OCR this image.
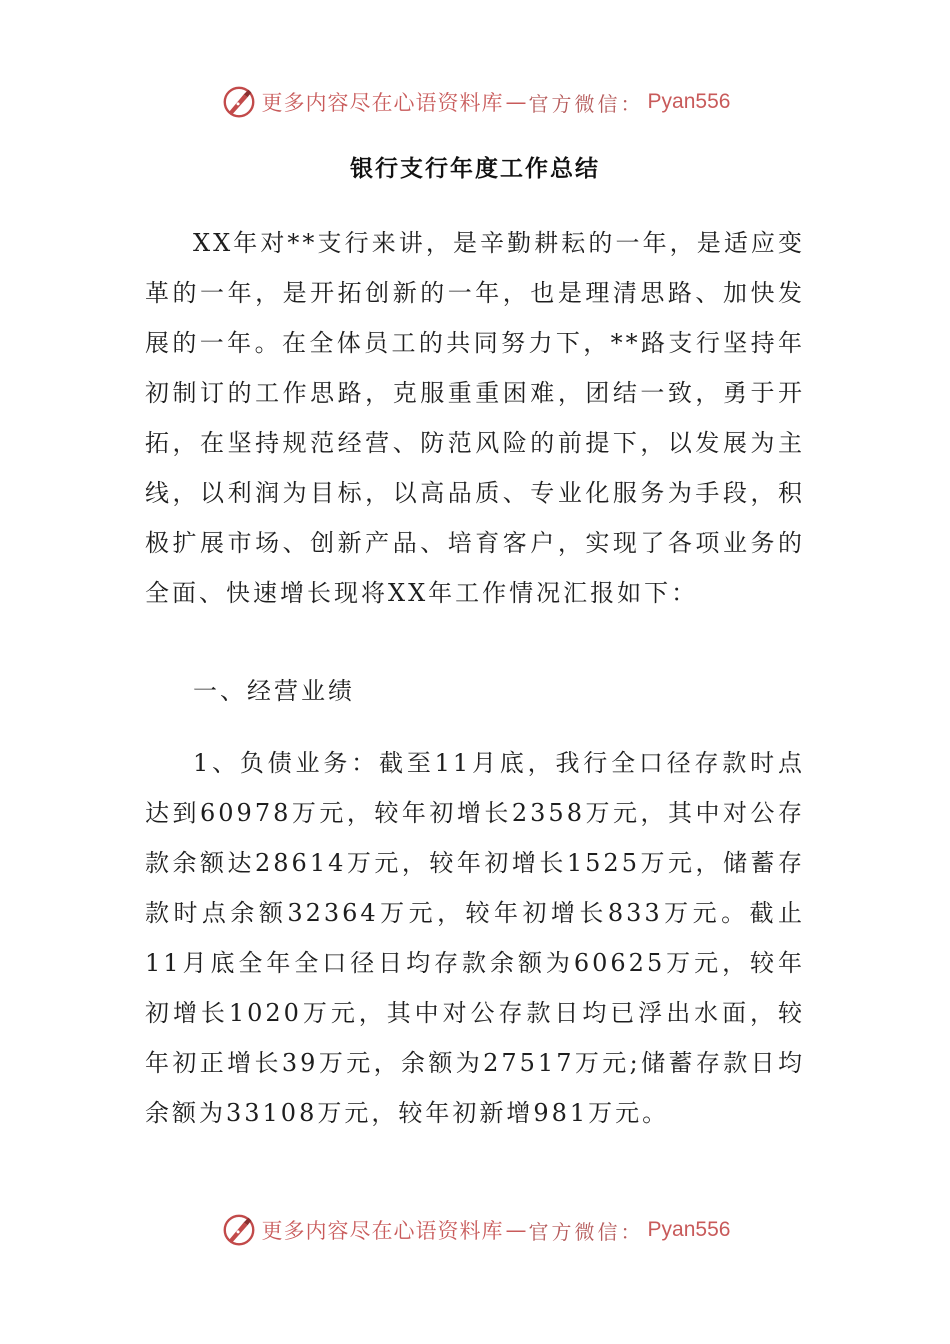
更多内容尽在心语资料库 — 官方微信： Pyan556
银行支行年度工作总结

XX年对**支行来讲，是辛勤耕耘的一年，是适应变革的一年，是开拓创新的一年，也是理清思路、加快发展的一年。在全体员工的共同努力下，**路支行坚持年初制订的工作思路，克服重重困难，团结一致，勇于开拓，在坚持规范经营、防范风险的前提下，以发展为主线，以利润为目标，以高品质、专业化服务为手段，积极扩展市场、创新产品、培育客户，实现了各项业务的全面、快速增长现将XX年工作情况汇报如下：

一、经营业绩

1、负债业务：截至11月底，我行全口径存款时点达到60978万元，较年初增长2358万元，其中对公存款余额达28614万元，较年初增长1525万元，储蓄存款时点余额32364万元，较年初增长833万元。截止11月底全年全口径日均存款余额为60625万元，较年初增长1020万元，其中对公存款日均已浮出水面，较年初正增长39万元，余额为27517万元;储蓄存款日均余额为33108万元，较年初新增981万元。

更多内容尽在心语资料库 — 官方微信： Pyan556
